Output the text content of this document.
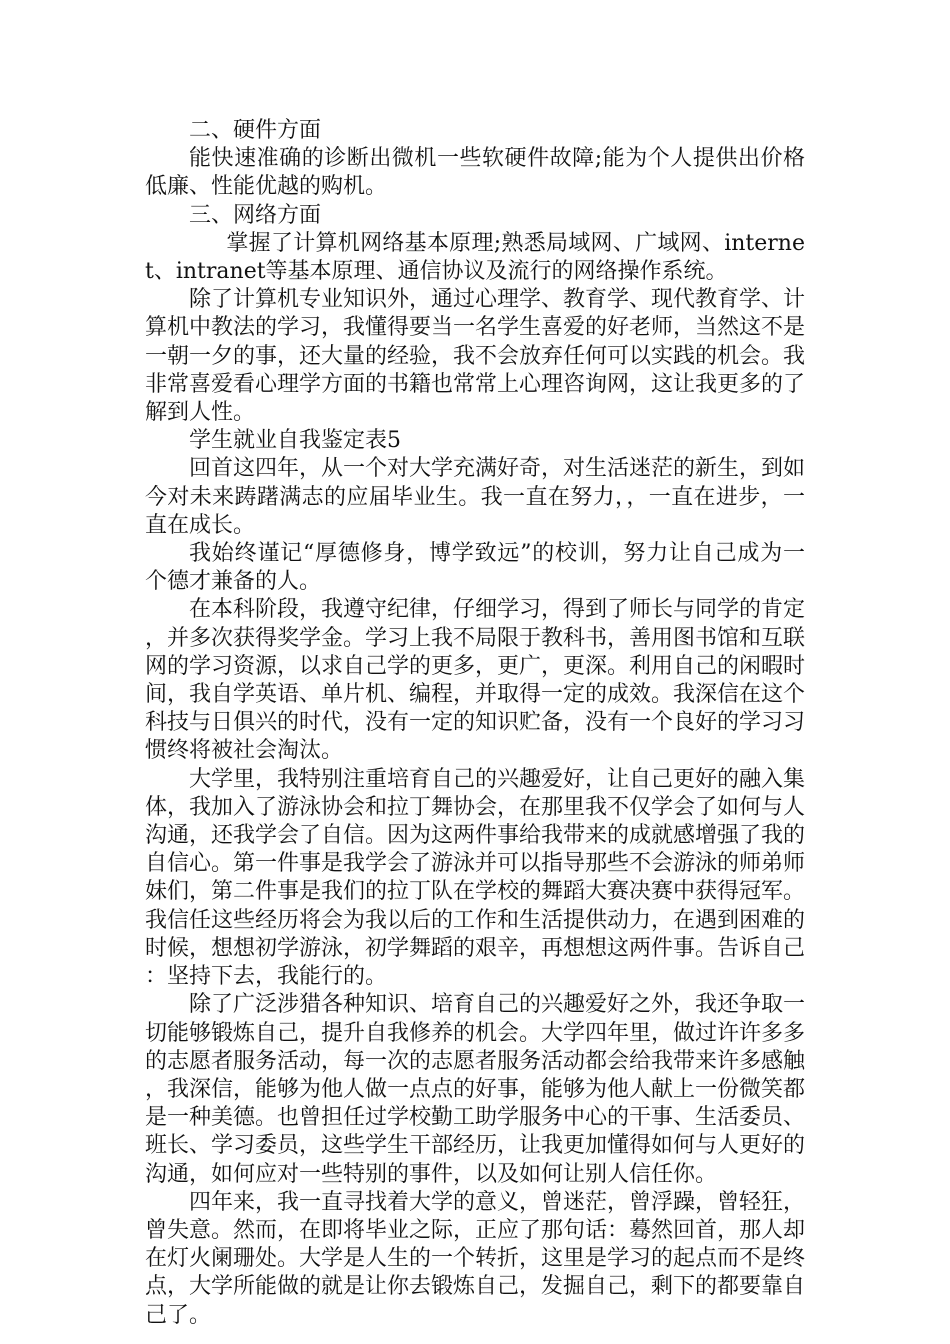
二、硬件方面

能快速准确的诊断出微机一些软硬件故障;能为个人提供出价格低廉、性能优越的购机。

三、网络方面

掌握了计算机网络基本原理;熟悉局域网、广域网、internet、intranet等基本原理、通信协议及流行的网络操作系统。

除了计算机专业知识外，通过心理学、教育学、现代教育学、计算机中教法的学习，我懂得要当一名学生喜爱的好老师，当然这不是一朝一夕的事，还大量的经验，我不会放弃任何可以实践的机会。我非常喜爱看心理学方面的书籍也常常上心理咨询网，这让我更多的了解到人性。

学生就业自我鉴定表5

回首这四年，从一个对大学充满好奇，对生活迷茫的新生，到如今对未来踌躇满志的应届毕业生。我一直在努力，，一直在进步，一直在成长。

我始终谨记“厚德修身，博学致远”的校训，努力让自己成为一个德才兼备的人。

在本科阶段，我遵守纪律，仔细学习，得到了师长与同学的肯定，并多次获得奖学金。学习上我不局限于教科书，善用图书馆和互联网的学习资源，以求自己学的更多，更广，更深。利用自己的闲暇时间，我自学英语、单片机、编程，并取得一定的成效。我深信在这个科技与日俱兴的时代，没有一定的知识贮备，没有一个良好的学习习惯终将被社会淘汰。

大学里，我特别注重培育自己的兴趣爱好，让自己更好的融入集体，我加入了游泳协会和拉丁舞协会，在那里我不仅学会了如何与人沟通，还我学会了自信。因为这两件事给我带来的成就感增强了我的自信心。第一件事是我学会了游泳并可以指导那些不会游泳的师弟师妹们，第二件事是我们的拉丁队在学校的舞蹈大赛决赛中获得冠军。我信任这些经历将会为我以后的工作和生活提供动力，在遇到困难的时候，想想初学游泳，初学舞蹈的艰辛，再想想这两件事。告诉自己：坚持下去，我能行的。

除了广泛涉猎各种知识、培育自己的兴趣爱好之外，我还争取一切能够锻炼自己，提升自我修养的机会。大学四年里，做过许许多多的志愿者服务活动，每一次的志愿者服务活动都会给我带来许多感触，我深信，能够为他人做一点点的好事，能够为他人献上一份微笑都是一种美德。也曾担任过学校勤工助学服务中心的干事、生活委员、班长、学习委员，这些学生干部经历，让我更加懂得如何与人更好的沟通，如何应对一些特别的事件，以及如何让别人信任你。

四年来，我一直寻找着大学的意义，曾迷茫，曾浮躁，曾轻狂，曾失意。然而，在即将毕业之际，正应了那句话：蓦然回首，那人却在灯火阑珊处。大学是人生的一个转折，这里是学习的起点而不是终点，大学所能做的就是让你去锻炼自己，发掘自己，剩下的都要靠自己了。
